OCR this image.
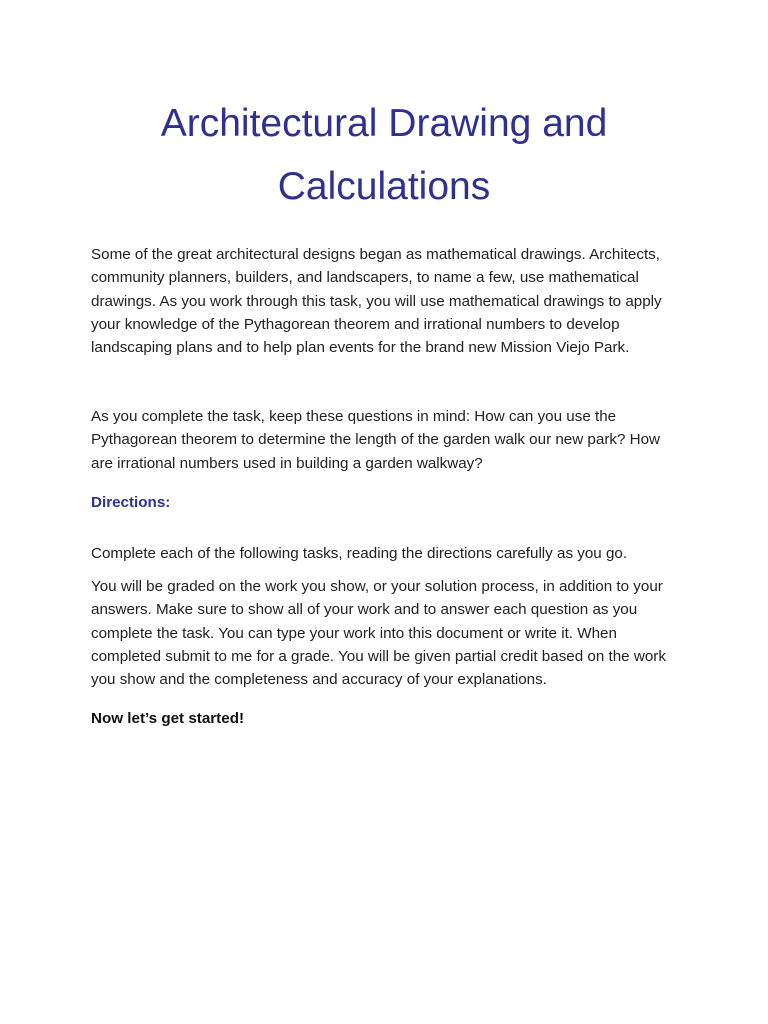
Architectural Drawing and Calculations

Some of the great architectural designs began as mathematical drawings. Architects, community planners, builders, and landscapers, to name a few, use mathematical drawings. As you work through this task, you will use mathematical drawings to apply your knowledge of the Pythagorean theorem and irrational numbers to develop landscaping plans and to help plan events for the brand new Mission Viejo Park.

As you complete the task, keep these questions in mind: How can you use the Pythagorean theorem to determine the length of the garden walk our new park? How are irrational numbers used in building a garden walkway?

Directions:

Complete each of the following tasks, reading the directions carefully as you go.

You will be graded on the work you show, or your solution process, in addition to your answers. Make sure to show all of your work and to answer each question as you complete the task. You can type your work into this document or write it. When completed submit to me for a grade. You will be given partial credit based on the work you show and the completeness and accuracy of your explanations.

Now let’s get started!
